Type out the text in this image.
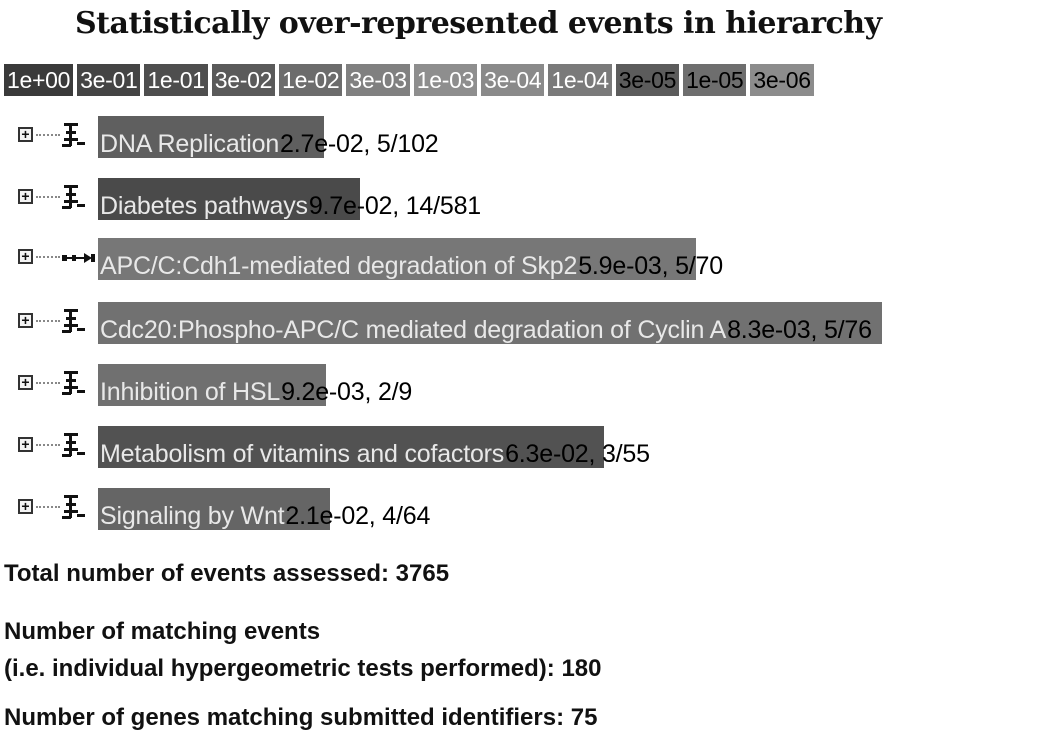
Statistically over-represented events in hierarchy
1e+00 3e-01 1e-01 3e-02 1e-02 3e-03 1e-03 3e-04 1e-04 3e-05 1e-05 3e-06
+	DNA Replication2.7e-02, 5/102
+	Diabetes pathways9.7e-02, 14/581
+	APC/C:Cdh1-mediated degradation of Skp25.9e-03, 5/70
+	Cdc20:Phospho-APC/C mediated degradation of Cyclin A8.3e-03, 5/76
+	Inhibition of HSL9.2e-03, 2/9
+	Metabolism of vitamins and cofactors6.3e-02, 3/55
+	Signaling by Wnt2.1e-02, 4/64
Total number of events assessed: 3765
Number of matching events
(i.e. individual hypergeometric tests performed): 180
Number of genes matching submitted identifiers: 75
